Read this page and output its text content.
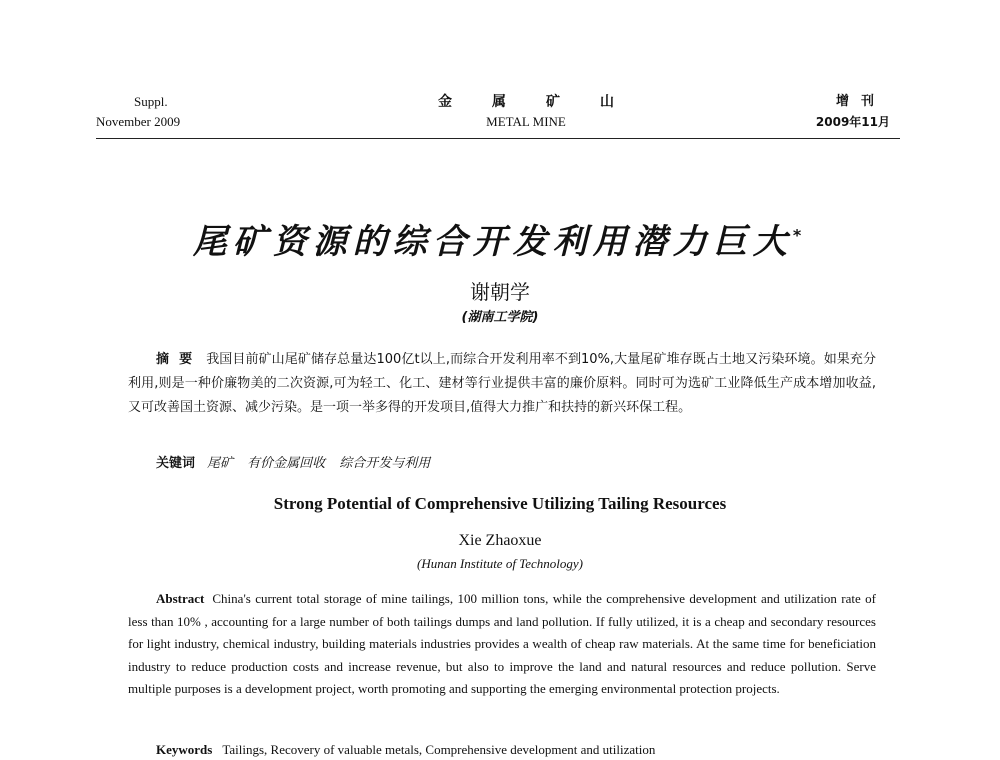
Suppl.
November 2009
金属矿山
METAL MINE
增刊
2009年11月
尾矿资源的综合开发利用潜力巨大*
谢朝学
(湖南工学院)
摘要 我国目前矿山尾矿储存总量达100亿t以上,而综合开发利用率不到10%,大量尾矿堆存既占土地又污染环境。如果充分利用,则是一种价廉物美的二次资源,可为轻工、化工、建材等行业提供丰富的廉价原料。同时可为选矿工业降低生产成本增加收益,又可改善国土资源、减少污染。是一项一举多得的开发项目,值得大力推广和扶持的新兴环保工程。
关键词 尾矿 有价金属回收 综合开发与利用
Strong Potential of Comprehensive Utilizing Tailing Resources
Xie Zhaoxue
(Hunan Institute of Technology)
Abstract China's current total storage of mine tailings, 100 million tons, while the comprehensive development and utilization rate of less than 10% , accounting for a large number of both tailings dumps and land pollution. If fully utilized, it is a cheap and secondary resources for light industry, chemical industry, building materials industries provides a wealth of cheap raw materials. At the same time for beneficiation industry to reduce production costs and increase revenue, but also to improve the land and natural resources and reduce pollution. Serve multiple purposes is a development project, worth promoting and supporting the emerging environmental protection projects.
Keywords Tailings, Recovery of valuable metals, Comprehensive development and utilization
